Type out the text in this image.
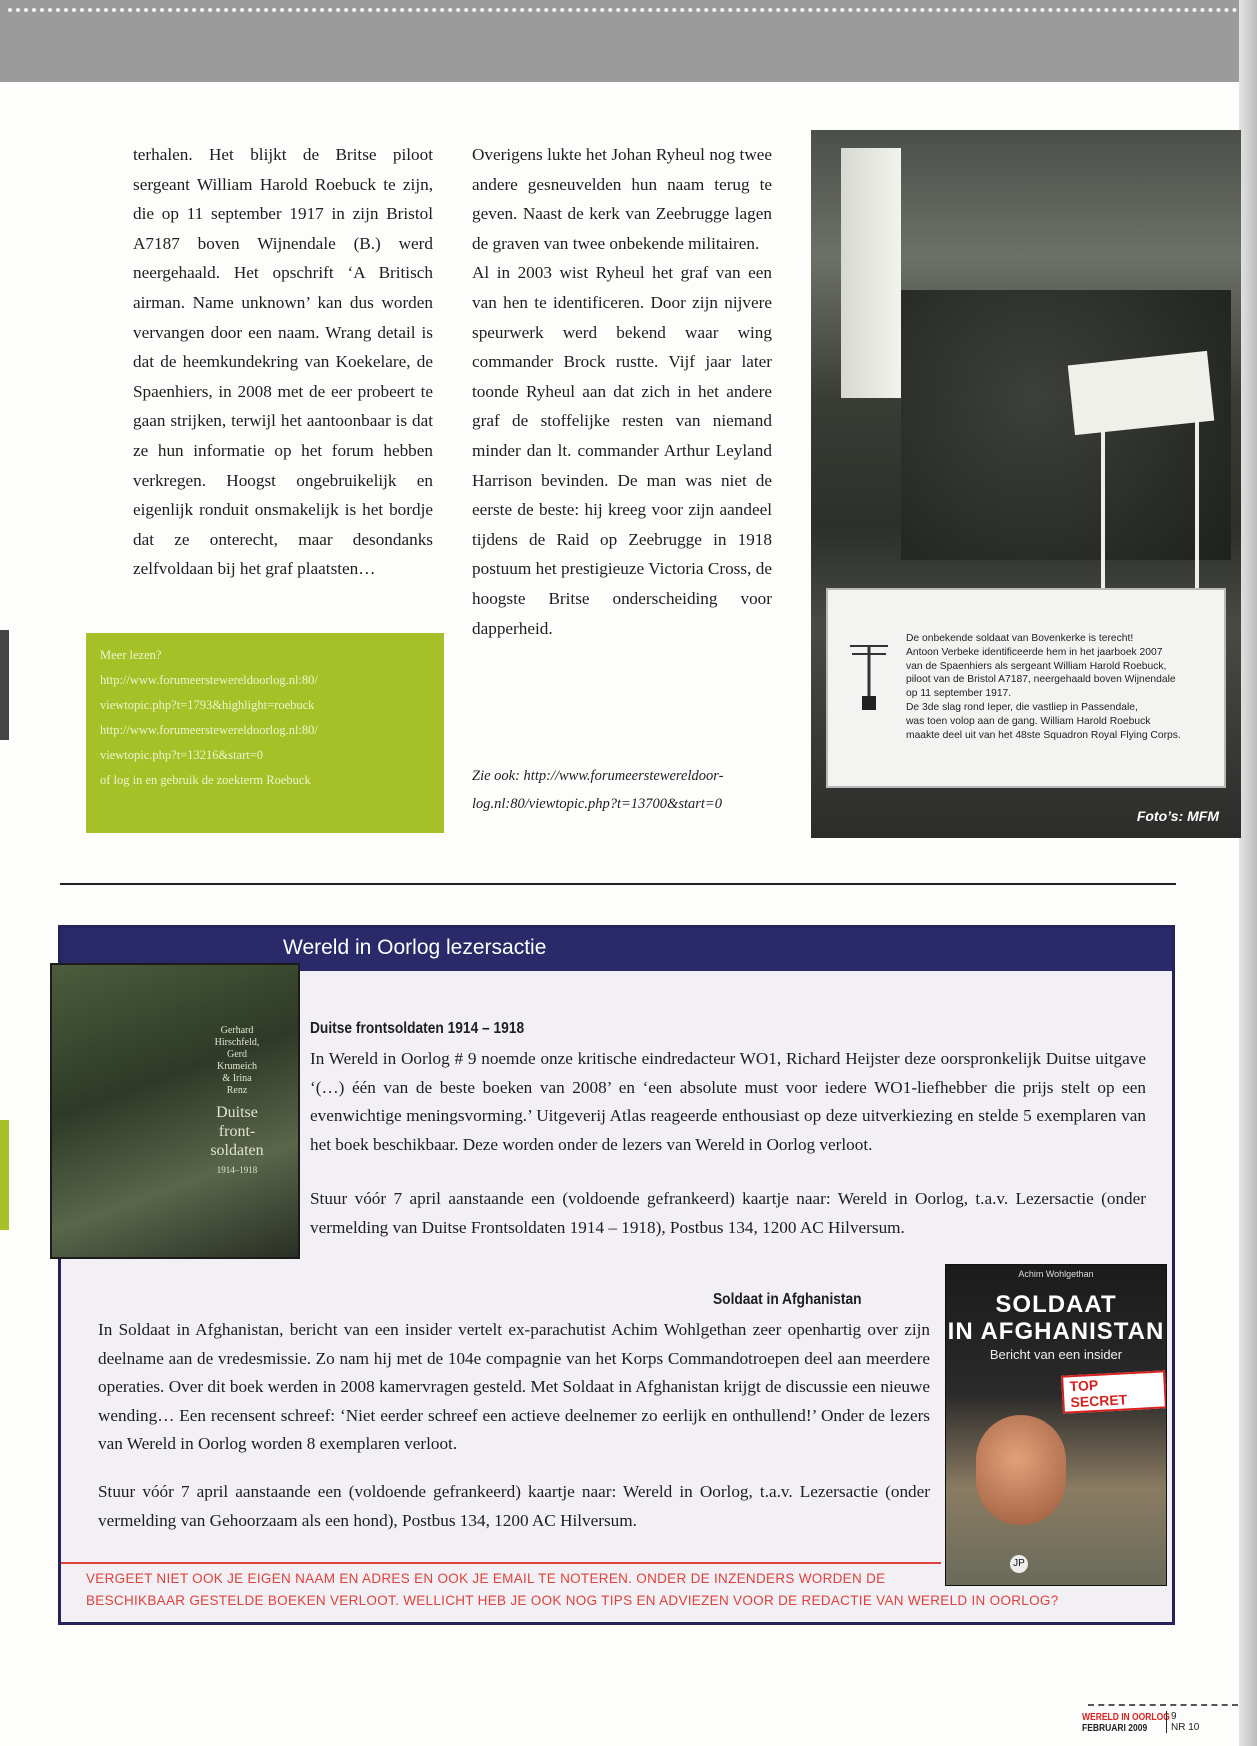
terhalen. Het blijkt de Britse piloot sergeant William Harold Roebuck te zijn, die op 11 september 1917 in zijn Bristol A7187 boven Wijnendale (B.) werd neergehaald. Het opschrift ‘A Britisch airman. Name unknown’ kan dus worden vervangen door een naam. Wrang detail is dat de heemkundekring van Koekelare, de Spaenhiers, in 2008 met de eer probeert te gaan strijken, terwijl het aantoonbaar is dat ze hun informatie op het forum hebben verkregen. Hoogst ongebruikelijk en eigenlijk ronduit onsmakelijk is het bordje dat ze onterecht, maar desondanks zelfvoldaan bij het graf plaatsten…

Overigens lukte het Johan Ryheul nog twee andere gesneuvelden hun naam terug te geven. Naast de kerk van Zeebrugge lagen de graven van twee onbekende militairen.

Al in 2003 wist Ryheul het graf van een van hen te identificeren. Door zijn nijvere speurwerk werd bekend waar wing commander Brock rustte. Vijf jaar later toonde Ryheul aan dat zich in het andere graf de stoffelijke resten van niemand minder dan lt. commander Arthur Leyland Harrison bevinden. De man was niet de eerste de beste: hij kreeg voor zijn aandeel tijdens de Raid op Zeebrugge in 1918 postuum het prestigieuze Victoria Cross, de hoogste Britse onderscheiding voor dapperheid.

Meer lezen?
http://www.forumeerstewereldoorlog.nl:80/
viewtopic.php?t=1793&highlight=roebuck
http://www.forumeerstewereldoorlog.nl:80/
viewtopic.php?t=13216&start=0
of log in en gebruik de zoekterm Roebuck	Zie ook: http://www.forumeerstewereldoor-
log.nl:80/viewtopic.php?t=13700&start=0
De onbekende soldaat van Bovenkerke is terecht!
Antoon Verbeke identificeerde hem in het jaarboek 2007
van de Spaenhiers als sergeant William Harold Roebuck,
piloot van de Bristol A7187, neergehaald boven Wijnendale
op 11 september 1917.
De 3de slag rond Ieper, die vastliep in Passendale,
was toen volop aan de gang. William Harold Roebuck
maakte deel uit van het 48ste Squadron Royal Flying Corps.
Foto’s: MFM
Wereld in Oorlog lezersactie
Gerhard
Hirschfeld,
Gerd
Krumeich
& Irina
Renz
Duitse
front-
soldaten
1914–1918
Duitse frontsoldaten 1914 – 1918

In Wereld in Oorlog # 9 noemde onze kritische eindredacteur WO1, Richard Heijster deze oorspronkelijk Duitse uitgave ‘(…) één van de beste boeken van 2008’ en ‘een absolute must voor iedere WO1-liefhebber die prijs stelt op een evenwichtige meningsvorming.’ Uitgeverij Atlas reageerde enthousiast op deze uitverkiezing en stelde 5 exemplaren van het boek beschikbaar. Deze worden onder de lezers van Wereld in Oorlog verloot.

Stuur vóór 7 april aanstaande een (voldoende gefrankeerd) kaartje naar: Wereld in Oorlog, t.a.v. Lezersactie (onder vermelding van Duitse Frontsoldaten 1914 – 1918), Postbus 134, 1200 AC Hilversum.

Soldaat in Afghanistan

In Soldaat in Afghanistan, bericht van een insider vertelt ex-parachutist Achim Wohlgethan zeer openhartig over zijn deelname aan de vredesmissie. Zo nam hij met de 104e compagnie van het Korps Commandotroepen deel aan meerdere operaties. Over dit boek werden in 2008 kamervragen gesteld. Met Soldaat in Afghanistan krijgt de discussie een nieuwe wending… Een recensent schreef: ‘Niet eerder schreef een actieve deelnemer zo eerlijk en onthullend!’ Onder de lezers van Wereld in Oorlog worden 8 exemplaren verloot.

Stuur vóór 7 april aanstaande een (voldoende gefrankeerd) kaartje naar: Wereld in Oorlog, t.a.v. Lezersactie (onder vermelding van Gehoorzaam als een hond), Postbus 134, 1200 AC Hilversum.

Achim Wohlgethan
SOLDAAT
IN AFGHANISTAN
Bericht van een insider
TOP SECRET
JP
VERGEET NIET OOK JE EIGEN NAAM EN ADRES EN OOK JE EMAIL TE NOTEREN. ONDER DE INZENDERS WORDEN DE
BESCHIKBAAR GESTELDE BOEKEN VERLOOT. WELLICHT HEB JE OOK NOG TIPS EN ADVIEZEN VOOR DE REDACTIE VAN WERELD IN OORLOG?
WERELD IN OORLOG
FEBRUARI 2009
9
NR 10
